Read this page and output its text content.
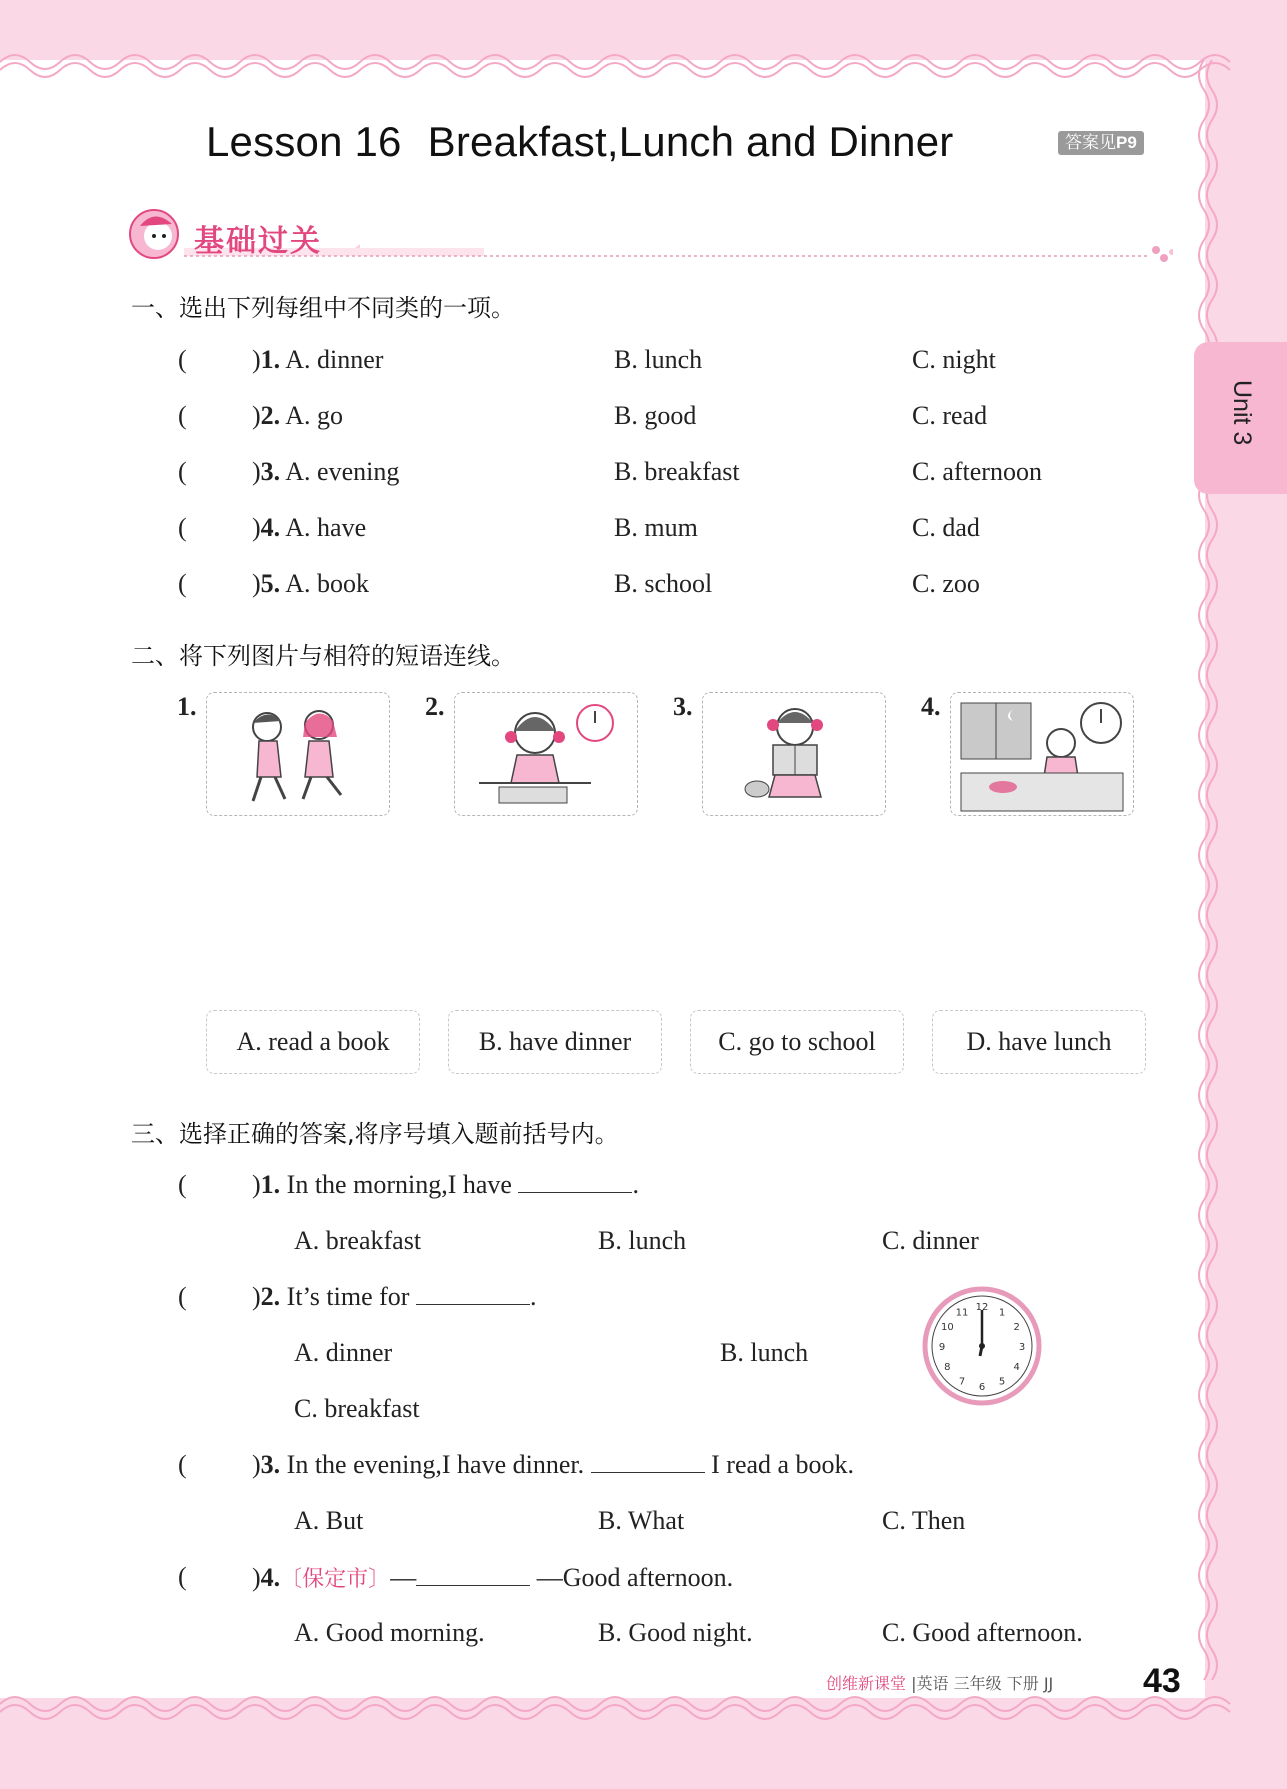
Unit 3
Lesson 16 Breakfast,Lunch and Dinner	答案见P9
基础过关
一、选出下列每组中不同类的一项。
(	)1. A. dinner	B. lunch	C. night
(	)2. A. go	B. good	C. read
(	)3. A. evening	B. breakfast	C. afternoon
(	)4. A. have	B. mum	C. dad
(	)5. A. book	B. school	C. zoo
二、将下列图片与相符的短语连线。
1.	2.	3.	4.
A. read a book	B. have dinner	C. go to school	D. have lunch
三、选择正确的答案,将序号填入题前括号内。
(	)1. In the morning,I have	.
A. breakfast	B. lunch	C. dinner
(	)2. It’s time for	.
A. dinner	B. lunch
C. breakfast
12 1
2
3
4
5
6
7
8
9
10
11
(	)3. In the evening,I have dinner.	I read a book.
A. But	B. What	C. Then
(	)4.〔保定市〕—	—Good afternoon.
A. Good morning.	B. Good night.	C. Good afternoon.
创维新课堂 |英语 三年级 下册 JJ	43
